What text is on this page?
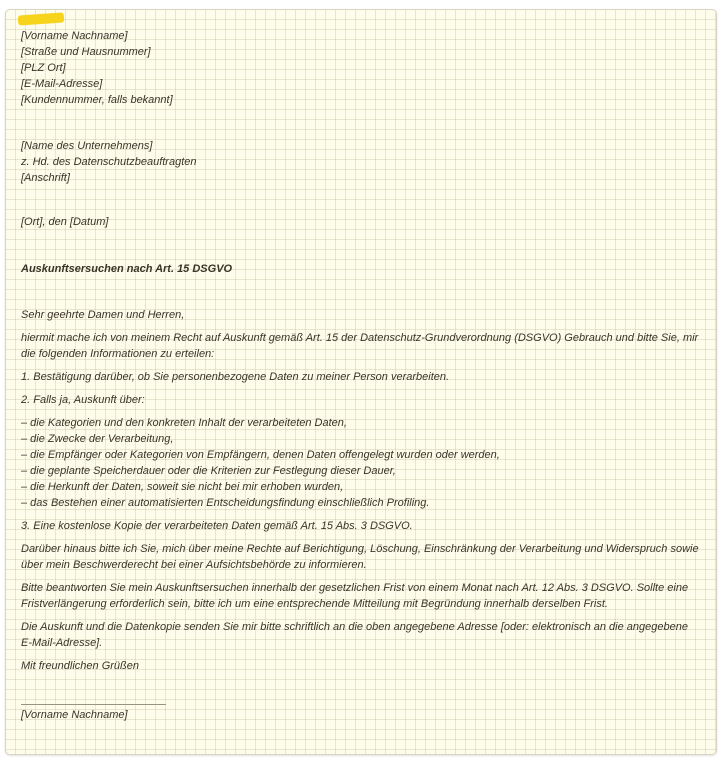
[Vorname Nachname]

[Straße und Hausnummer]

[PLZ Ort]

[E-Mail-Adresse]

[Kundennummer, falls bekannt]

[Name des Unternehmens]

z. Hd. des Datenschutzbeauftragten

[Anschrift]

[Ort], den [Datum]

Auskunftsersuchen nach Art. 15 DSGVO

Sehr geehrte Damen und Herren,

hiermit mache ich von meinem Recht auf Auskunft gemäß Art. 15 der Datenschutz-Grundverordnung (DSGVO) Gebrauch und bitte Sie, mir die folgenden Informationen zu erteilen:

1. Bestätigung darüber, ob Sie personenbezogene Daten zu meiner Person verarbeiten.

2. Falls ja, Auskunft über:

– die Kategorien und den konkreten Inhalt der verarbeiteten Daten,

– die Zwecke der Verarbeitung,

– die Empfänger oder Kategorien von Empfängern, denen Daten offengelegt wurden oder werden,

– die geplante Speicherdauer oder die Kriterien zur Festlegung dieser Dauer,

– die Herkunft der Daten, soweit sie nicht bei mir erhoben wurden,

– das Bestehen einer automatisierten Entscheidungsfindung einschließlich Profiling.

3. Eine kostenlose Kopie der verarbeiteten Daten gemäß Art. 15 Abs. 3 DSGVO.

Darüber hinaus bitte ich Sie, mich über meine Rechte auf Berichtigung, Löschung, Einschränkung der Verarbeitung und Widerspruch sowie über mein Beschwerderecht bei einer Aufsichtsbehörde zu informieren.

Bitte beantworten Sie mein Auskunftsersuchen innerhalb der gesetzlichen Frist von einem Monat nach Art. 12 Abs. 3 DSGVO. Sollte eine Fristverlängerung erforderlich sein, bitte ich um eine entsprechende Mitteilung mit Begründung innerhalb derselben Frist.

Die Auskunft und die Datenkopie senden Sie mir bitte schriftlich an die oben angegebene Adresse [oder: elektronisch an die angegebene E-Mail-Adresse].

Mit freundlichen Grüßen

[Vorname Nachname]
